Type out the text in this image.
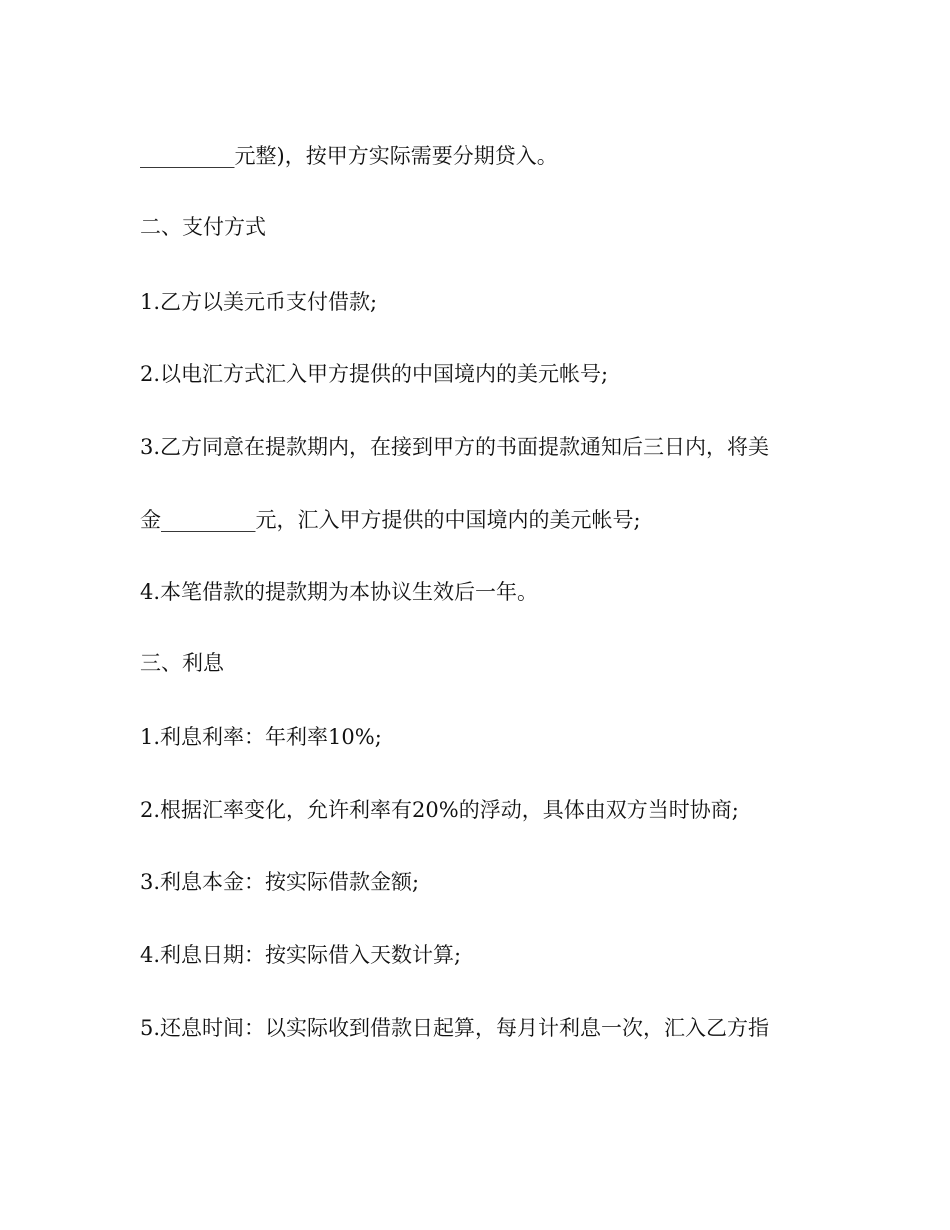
_________元整)，按甲方实际需要分期贷入。
二、支付方式
1.乙方以美元币支付借款;
2.以电汇方式汇入甲方提供的中国境内的美元帐号;
3.乙方同意在提款期内，在接到甲方的书面提款通知后三日内，将美
金_________元，汇入甲方提供的中国境内的美元帐号;
4.本笔借款的提款期为本协议生效后一年。
三、利息
1.利息利率：年利率10%;
2.根据汇率变化，允许利率有20%的浮动，具体由双方当时协商;
3.利息本金：按实际借款金额;
4.利息日期：按实际借入天数计算;
5.还息时间：以实际收到借款日起算，每月计利息一次，汇入乙方指
